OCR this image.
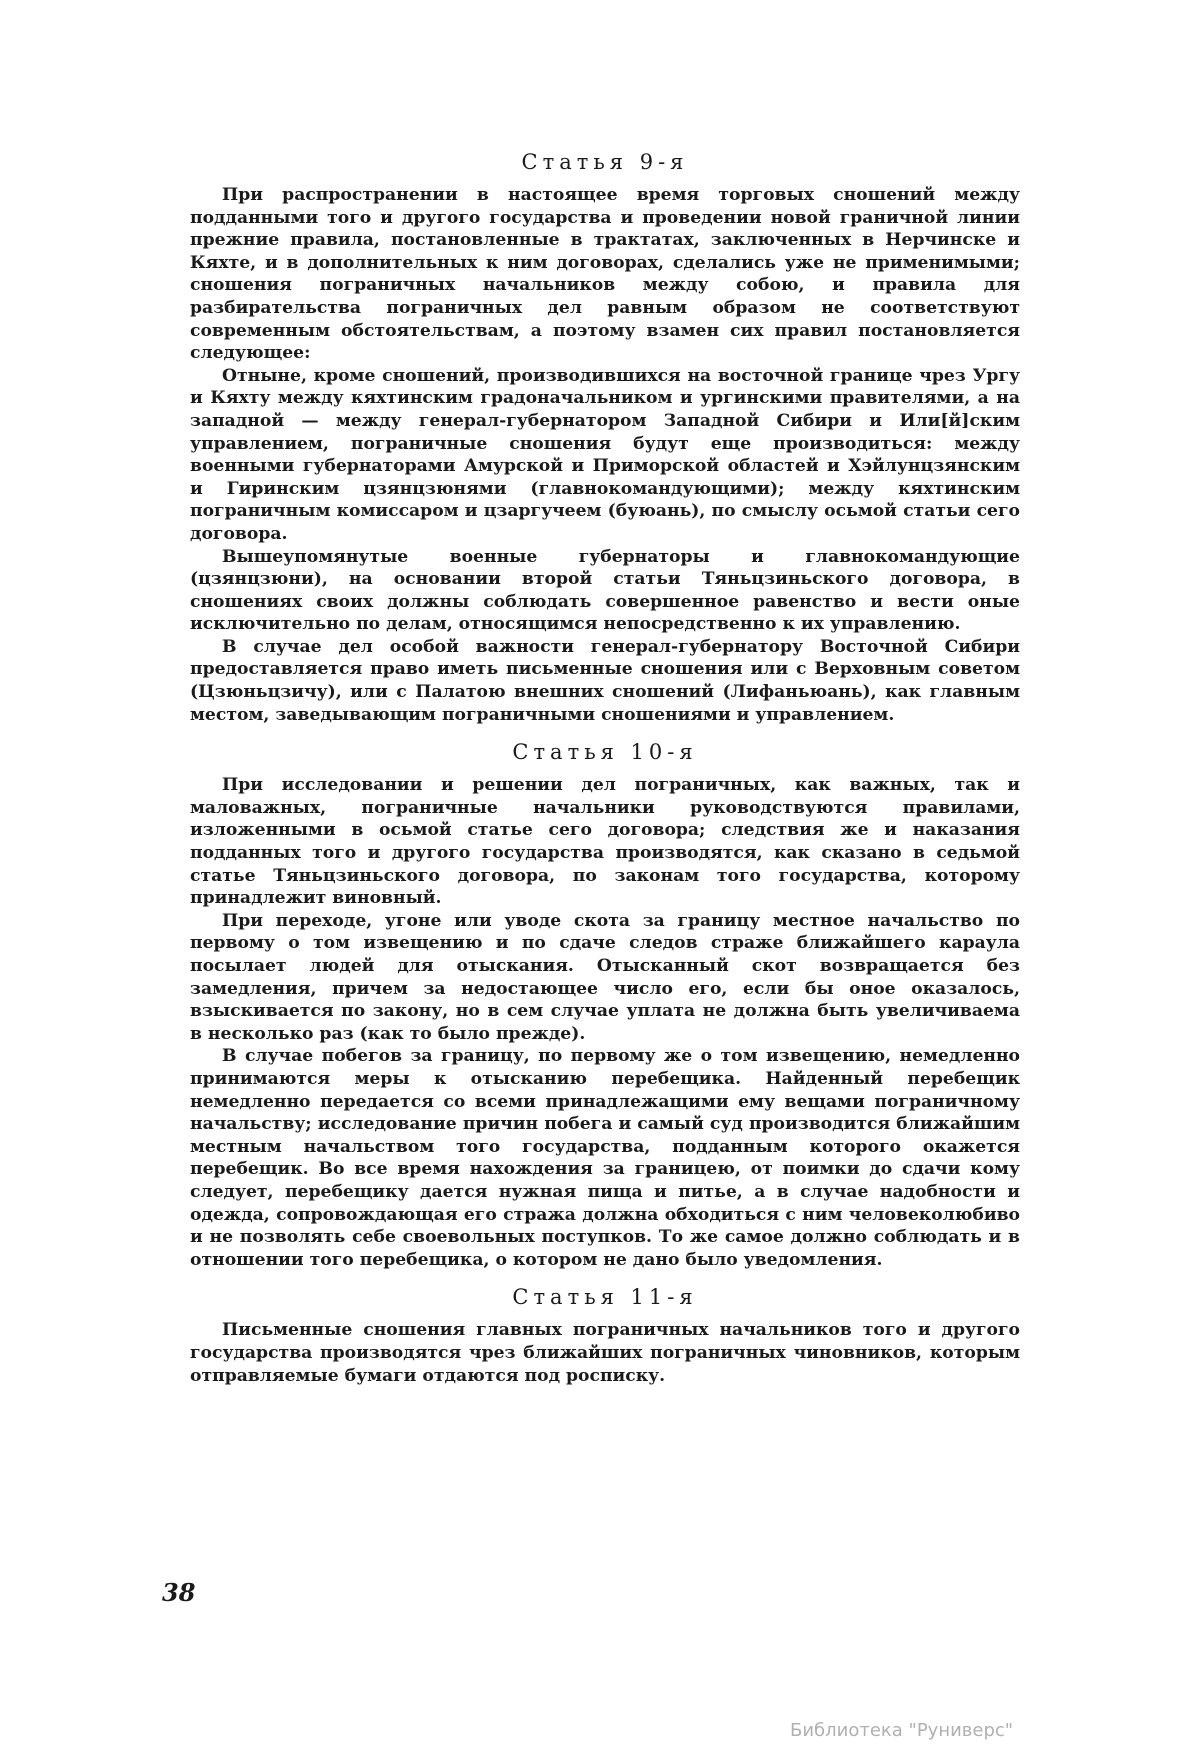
Статья 9-я

При распространении в настоящее время торговых сношений между подданными того и другого государства и проведении новой граничной линии прежние правила, постановленные в трактатах, заключенных в Нерчинске и Кяхте, и в дополнительных к ним договорах, сделались уже не применимыми; сношения пограничных начальников между собою, и правила для разбирательства пограничных дел равным образом не соответствуют современным обстоятельствам, а поэтому взамен сих правил постановляется следующее:

Отныне, кроме сношений, производившихся на восточной границе чрез Ургу и Кяхту между кяхтинским градоначальником и ургинскими правителями, а на западной — между генерал-губернатором Западной Сибири и Или[й]ским управлением, пограничные сношения будут еще производиться: между военными губернаторами Амурской и Приморской областей и Хэйлунцзянским и Гиринским цзянцзюнями (главнокомандующими); между кяхтинским пограничным комиссаром и цзаргучеем (буюань), по смыслу осьмой статьи сего договора.

Вышеупомянутые военные губернаторы и главнокомандующие (цзянцзюни), на основании второй статьи Тяньцзиньского договора, в сношениях своих должны соблюдать совершенное равенство и вести оные исключительно по делам, относящимся непосредственно к их управлению.

В случае дел особой важности генерал-губернатору Восточной Сибири предоставляется право иметь письменные сношения или с Верховным советом (Цзюньцзичу), или с Палатою внешних сношений (Лифаньюань), как главным местом, заведывающим пограничными сношениями и управлением.

Статья 10-я

При исследовании и решении дел пограничных, как важных, так и маловажных, пограничные начальники руководствуются правилами, изложенными в осьмой статье сего договора; следствия же и наказания подданных того и другого государства производятся, как сказано в седьмой статье Тяньцзиньского договора, по законам того государства, которому принадлежит виновный.

При переходе, угоне или уводе скота за границу местное начальство по первому о том извещению и по сдаче следов страже ближайшего караула посылает людей для отыскания. Отысканный скот возвращается без замедления, причем за недостающее число его, если бы оное оказалось, взыскивается по закону, но в сем случае уплата не должна быть увеличиваема в несколько раз (как то было прежде).

В случае побегов за границу, по первому же о том извещению, немедленно принимаются меры к отысканию перебещика. Найденный перебещик немедленно передается со всеми принадлежащими ему вещами пограничному начальству; исследование причин побега и самый суд производится ближайшим местным начальством того государства, подданным которого окажется перебещик. Во все время нахождения за границею, от поимки до сдачи кому следует, перебещику дается нужная пища и питье, а в случае надобности и одежда, сопровождающая его стража должна обходиться с ним человеколюбиво и не позволять себе своевольных поступков. То же самое должно соблюдать и в отношении того перебещика, о котором не дано было уведомления.

Статья 11-я

Письменные сношения главных пограничных начальников того и другого государства производятся чрез ближайших пограничных чиновников, которым отправляемые бумаги отдаются под росписку.

38
Библиотека "Руниверс"
